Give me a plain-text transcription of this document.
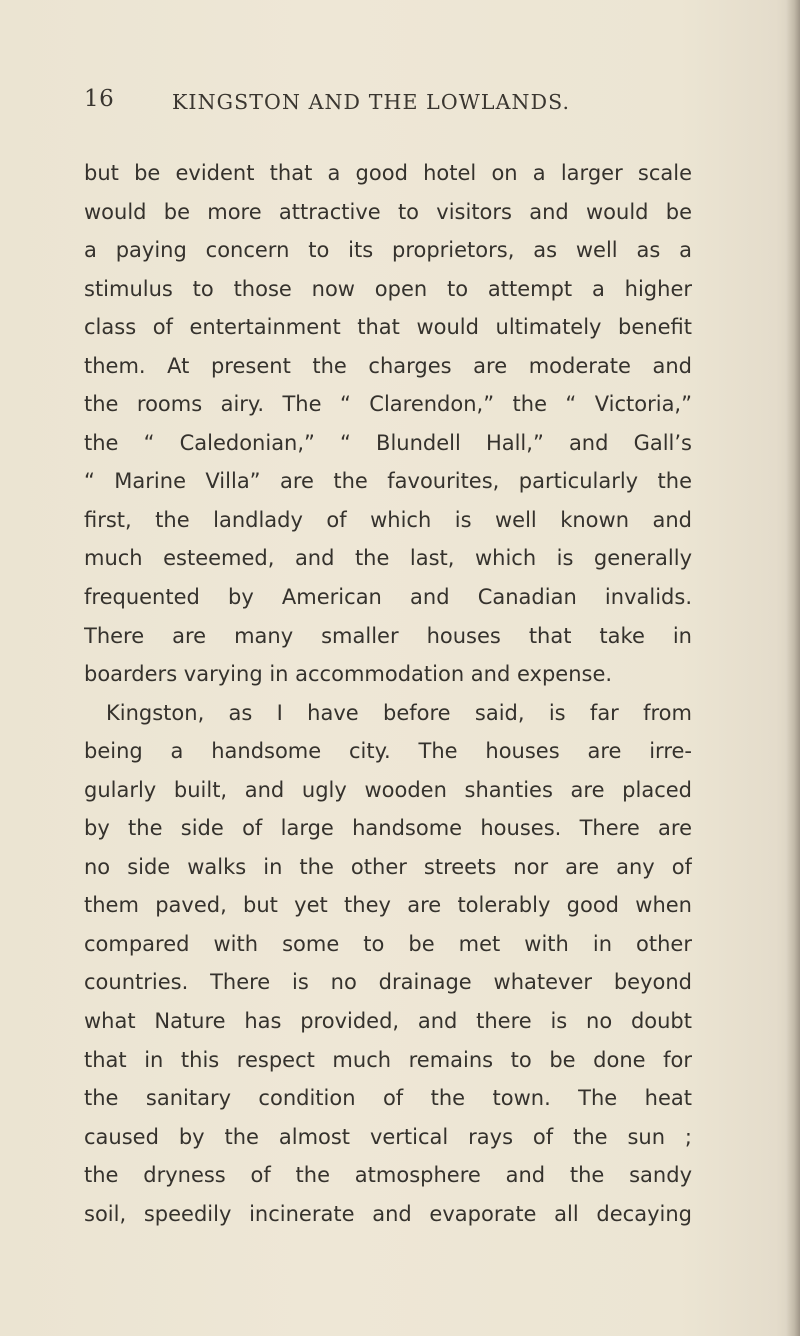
16	KINGSTON AND THE LOWLANDS.
but be evident that a good hotel on a larger scale
would be more attractive to visitors and would be
a paying concern to its proprietors, as well as a
stimulus to those now open to attempt a higher
class of entertainment that would ultimately benefit
them. At present the charges are moderate and
the rooms airy. The “ Clarendon,” the “ Victoria,”
the “ Caledonian,” “ Blundell Hall,” and Gall’s
“ Marine Villa” are the favourites, particularly the
first, the landlady of which is well known and
much esteemed, and the last, which is generally
frequented by American and Canadian invalids.
There are many smaller houses that take in
boarders varying in accommodation and expense.
Kingston, as I have before said, is far from
being a handsome city. The houses are irre-
gularly built, and ugly wooden shanties are placed
by the side of large handsome houses. There are
no side walks in the other streets nor are any of
them paved, but yet they are tolerably good when
compared with some to be met with in other
countries. There is no drainage whatever beyond
what Nature has provided, and there is no doubt
that in this respect much remains to be done for
the sanitary condition of the town. The heat
caused by the almost vertical rays of the sun ;
the dryness of the atmosphere and the sandy
soil, speedily incinerate and evaporate all decaying
